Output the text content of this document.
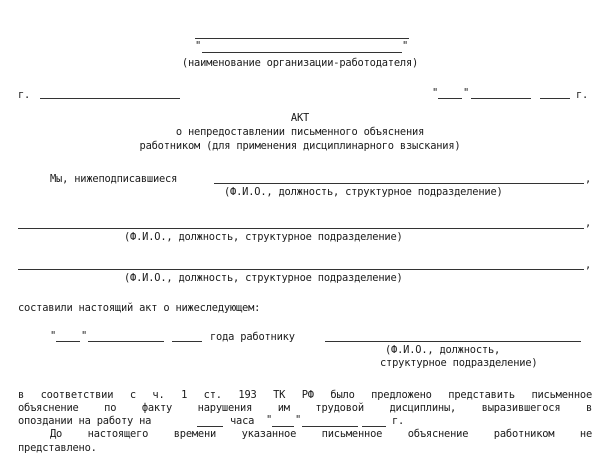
"	"
(наименование организации-работодателя)
г.	" "	г.
АКТ
о непредоставлении письменного объяснения
работником (для применения дисциплинарного взыскания)
Мы, нижеподписавшиеся	,
(Ф.И.О., должность, структурное подразделение)
,
(Ф.И.О., должность, структурное подразделение)
,
(Ф.И.О., должность, структурное подразделение)
составили настоящий акт о нижеследующем:
" "	года работнику
(Ф.И.О., должность,
структурное подразделение)
в соответствии с ч. 1 ст. 193 ТК РФ было предложено представить письменное
объяснение по факту нарушения им трудовой дисциплины, выразившегося в
опоздании на работу на	часа " "	г.
До настоящего времени указанное письменное объяснение работником не
представлено.
